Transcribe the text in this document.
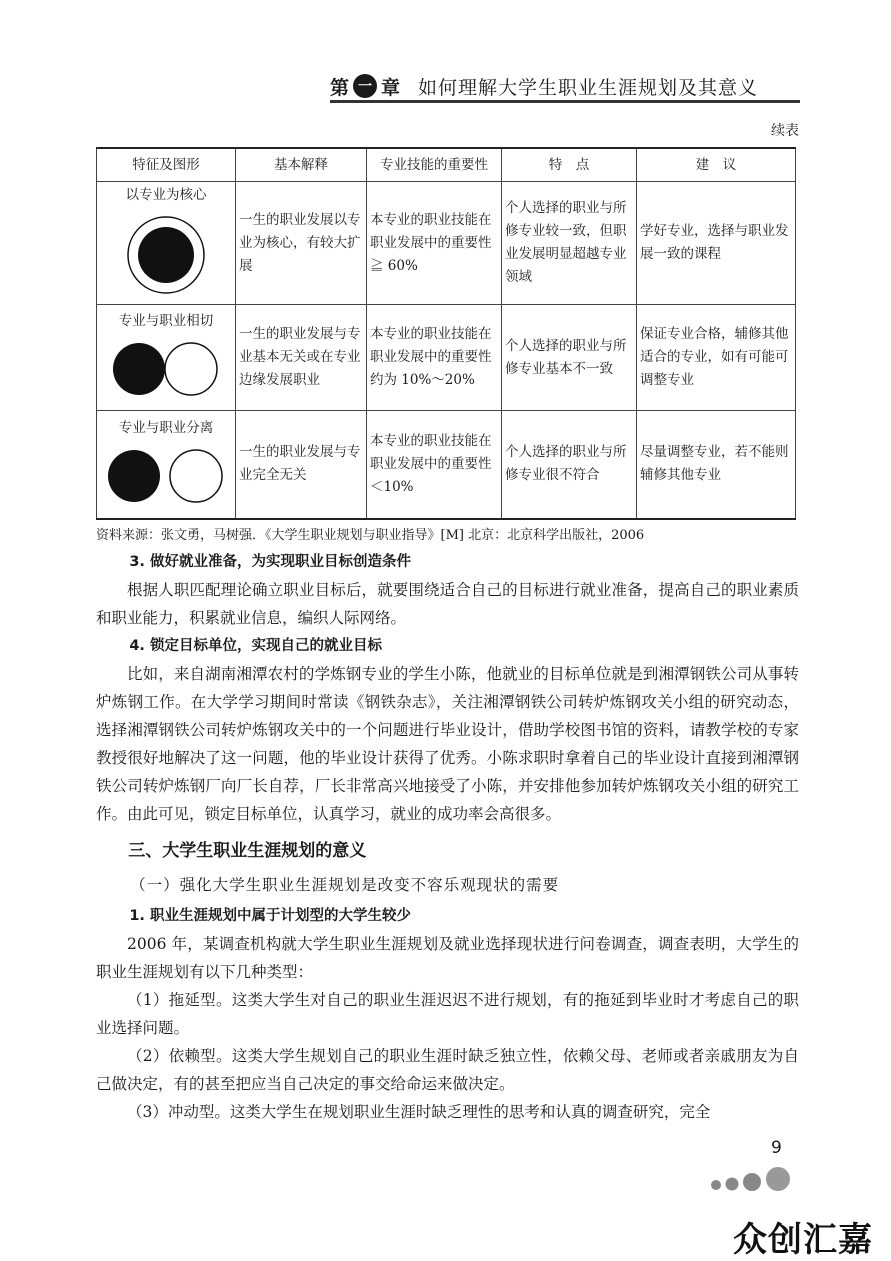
第 一 章 如何理解大学生职业生涯规划及其意义
续表
特征及图形	基本解释	专业技能的重要性	特　点	建　议

以专业为核心	一生的职业发展以专业为核心，有较大扩展	本专业的职业技能在职业发展中的重要性≧ 60%	个人选择的职业与所修专业较一致，但职业发展明显超越专业领域	学好专业，选择与职业发展一致的课程

专业与职业相切	一生的职业发展与专业基本无关或在专业边缘发展职业	本专业的职业技能在职业发展中的重要性约为 10%～20%	个人选择的职业与所修专业基本不一致	保证专业合格，辅修其他适合的专业，如有可能可调整专业

专业与职业分离	一生的职业发展与专业完全无关	本专业的职业技能在职业发展中的重要性＜10%	个人选择的职业与所修专业很不符合	尽量调整专业，若不能则辅修其他专业
资料来源：张文勇，马树强．《大学生职业规划与职业指导》[M] 北京：北京科学出版社，2006
3. 做好就业准备，为实现职业目标创造条件

根据人职匹配理论确立职业目标后，就要围绕适合自己的目标进行就业准备，提高自己的职业素质和职业能力，积累就业信息，编织人际网络。

4. 锁定目标单位，实现自己的就业目标

比如，来自湖南湘潭农村的学炼钢专业的学生小陈，他就业的目标单位就是到湘潭钢铁公司从事转炉炼钢工作。在大学学习期间时常读《钢铁杂志》，关注湘潭钢铁公司转炉炼钢攻关小组的研究动态，选择湘潭钢铁公司转炉炼钢攻关中的一个问题进行毕业设计，借助学校图书馆的资料，请教学校的专家教授很好地解决了这一问题，他的毕业设计获得了优秀。小陈求职时拿着自己的毕业设计直接到湘潭钢铁公司转炉炼钢厂向厂长自荐，厂长非常高兴地接受了小陈，并安排他参加转炉炼钢攻关小组的研究工作。由此可见，锁定目标单位，认真学习，就业的成功率会高很多。

三、大学生职业生涯规划的意义
（一）强化大学生职业生涯规划是改变不容乐观现状的需要
1. 职业生涯规划中属于计划型的大学生较少

2006 年，某调查机构就大学生职业生涯规划及就业选择现状进行问卷调查，调查表明，大学生的职业生涯规划有以下几种类型：

（1）拖延型。这类大学生对自己的职业生涯迟迟不进行规划，有的拖延到毕业时才考虑自己的职业选择问题。

（2）依赖型。这类大学生规划自己的职业生涯时缺乏独立性，依赖父母、老师或者亲戚朋友为自己做决定，有的甚至把应当自己决定的事交给命运来做决定。

（3）冲动型。这类大学生在规划职业生涯时缺乏理性的思考和认真的调查研究，完全

9
众创汇嘉
